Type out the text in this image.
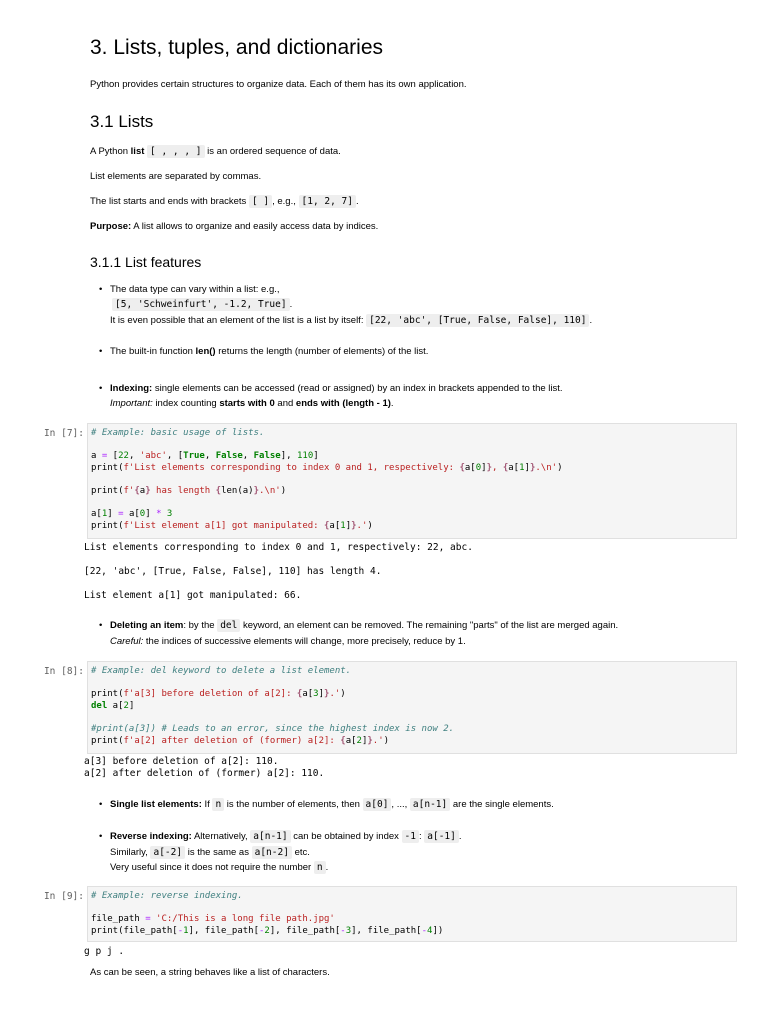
3. Lists, tuples, and dictionaries
Python provides certain structures to organize data. Each of them has its own application.
3.1 Lists
A Python list [ , , , ] is an ordered sequence of data.
List elements are separated by commas.
The list starts and ends with brackets [ ] , e.g., [1, 2, 7] .
Purpose: A list allows to organize and easily access data by indices.
3.1.1 List features
• The data type can vary within a list: e.g.,
[5, 'Schweinfurt', -1.2, True] .
It is even possible that an element of the list is a list by itself: [22, 'abc', [True, False, False], 110] .
• The built-in function len() returns the length (number of elements) of the list.
• Indexing: single elements can be accessed (read or assigned) by an index in brackets appended to the list.
Important: index counting starts with 0 and ends with (length - 1).
In [7]: # Example: basic usage of lists.

a = [22, 'abc', [True, False, False], 110]
print(f'List elements corresponding to index 0 and 1, respectively: {a[0]}, {a[1]}.\n')

print(f'{a} has length {len(a)}.\n')

a[1] = a[0] * 3
print(f'List element a[1] got manipulated: {a[1]}.')
List elements corresponding to index 0 and 1, respectively: 22, abc.
[22, 'abc', [True, False, False], 110] has length 4.
List element a[1] got manipulated: 66.
• Deleting an item: by the del keyword, an element can be removed. The remaining "parts" of the list are merged again.
Careful: the indices of successive elements will change, more precisely, reduce by 1.
In [8]: # Example: del keyword to delete a list element.

print(f'a[3] before deletion of a[2]: {a[3]}.')
del a[2]

#print(a[3]) # Leads to an error, since the highest index is now 2.
print(f'a[2] after deletion of (former) a[2]: {a[2]}.')
a[3] before deletion of a[2]: 110.
a[2] after deletion of (former) a[2]: 110.
• Single list elements: If n is the number of elements, then a[0] , ..., a[n-1] are the single elements.
• Reverse indexing: Alternatively, a[n-1] can be obtained by index -1 : a[-1] .
Similarly, a[-2] is the same as a[n-2] etc.
Very useful since it does not require the number n .
In [9]: # Example: reverse indexing.

file_path = 'C:/This is a long file path.jpg'
print(file_path[-1], file_path[-2], file_path[-3], file_path[-4])
g p j .
As can be seen, a string behaves like a list of characters.
